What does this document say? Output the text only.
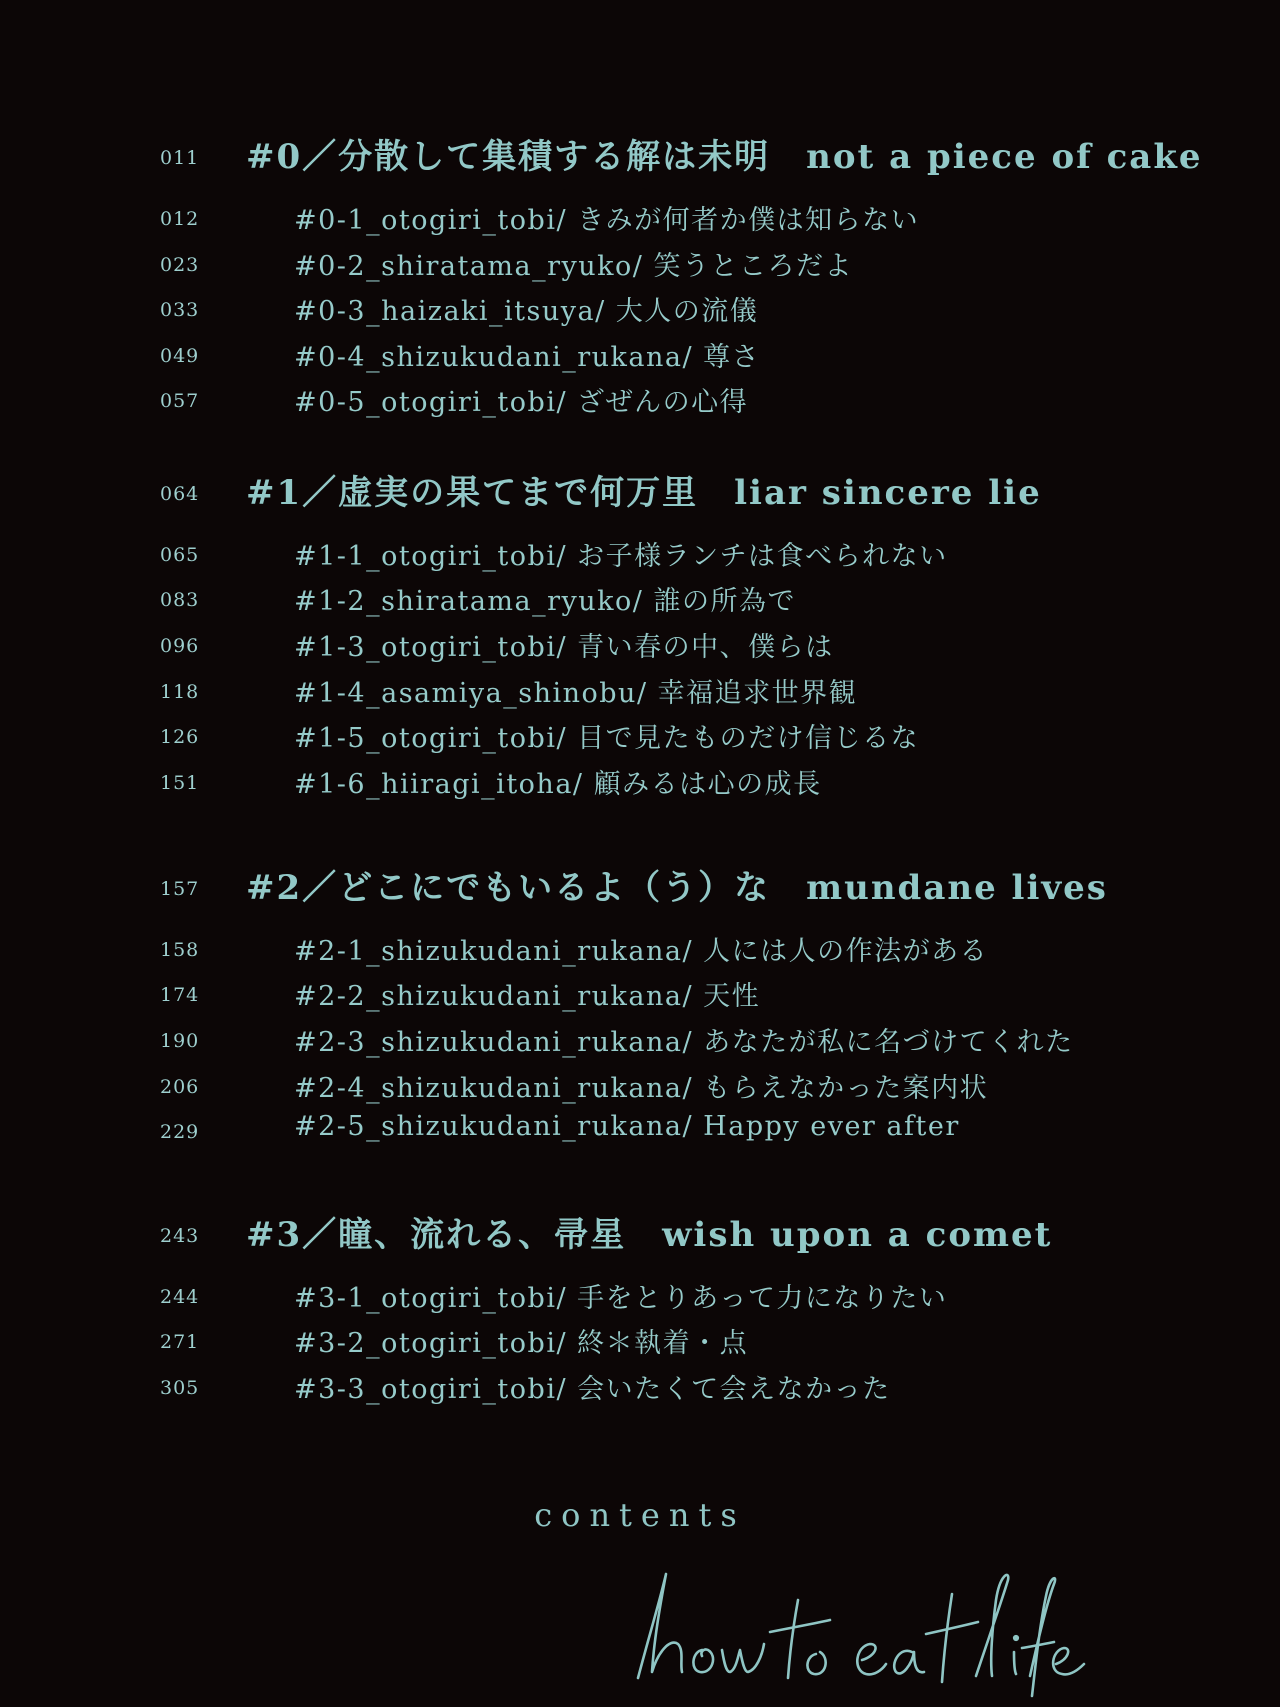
011 #0／分散して集積する解は未明　not a piece of cake
012	#0-1_otogiri_tobi/ きみが何者か僕は知らない
023	#0-2_shiratama_ryuko/ 笑うところだよ
033	#0-3_haizaki_itsuya/ 大人の流儀
049	#0-4_shizukudani_rukana/ 尊さ
057	#0-5_otogiri_tobi/ ざぜんの心得
064 #1／虚実の果てまで何万里　liar sincere lie
065	#1-1_otogiri_tobi/ お子様ランチは食べられない
083	#1-2_shiratama_ryuko/ 誰の所為で
096	#1-3_otogiri_tobi/ 青い春の中、僕らは
118	#1-4_asamiya_shinobu/ 幸福追求世界観
126	#1-5_otogiri_tobi/ 目で見たものだけ信じるな
151	#1-6_hiiragi_itoha/ 顧みるは心の成長
157 #2／どこにでもいるよ（う）な　mundane lives
158	#2-1_shizukudani_rukana/ 人には人の作法がある
174	#2-2_shizukudani_rukana/ 天性
190	#2-3_shizukudani_rukana/ あなたが私に名づけてくれた
206	#2-4_shizukudani_rukana/ もらえなかった案内状
229	#2-5_shizukudani_rukana/ Happy ever after
243 #3／瞳、流れる、帚星　wish upon a comet
244	#3-1_otogiri_tobi/ 手をとりあって力になりたい
271	#3-2_otogiri_tobi/ 終＊執着・点
305	#3-3_otogiri_tobi/ 会いたくて会えなかった
contents
